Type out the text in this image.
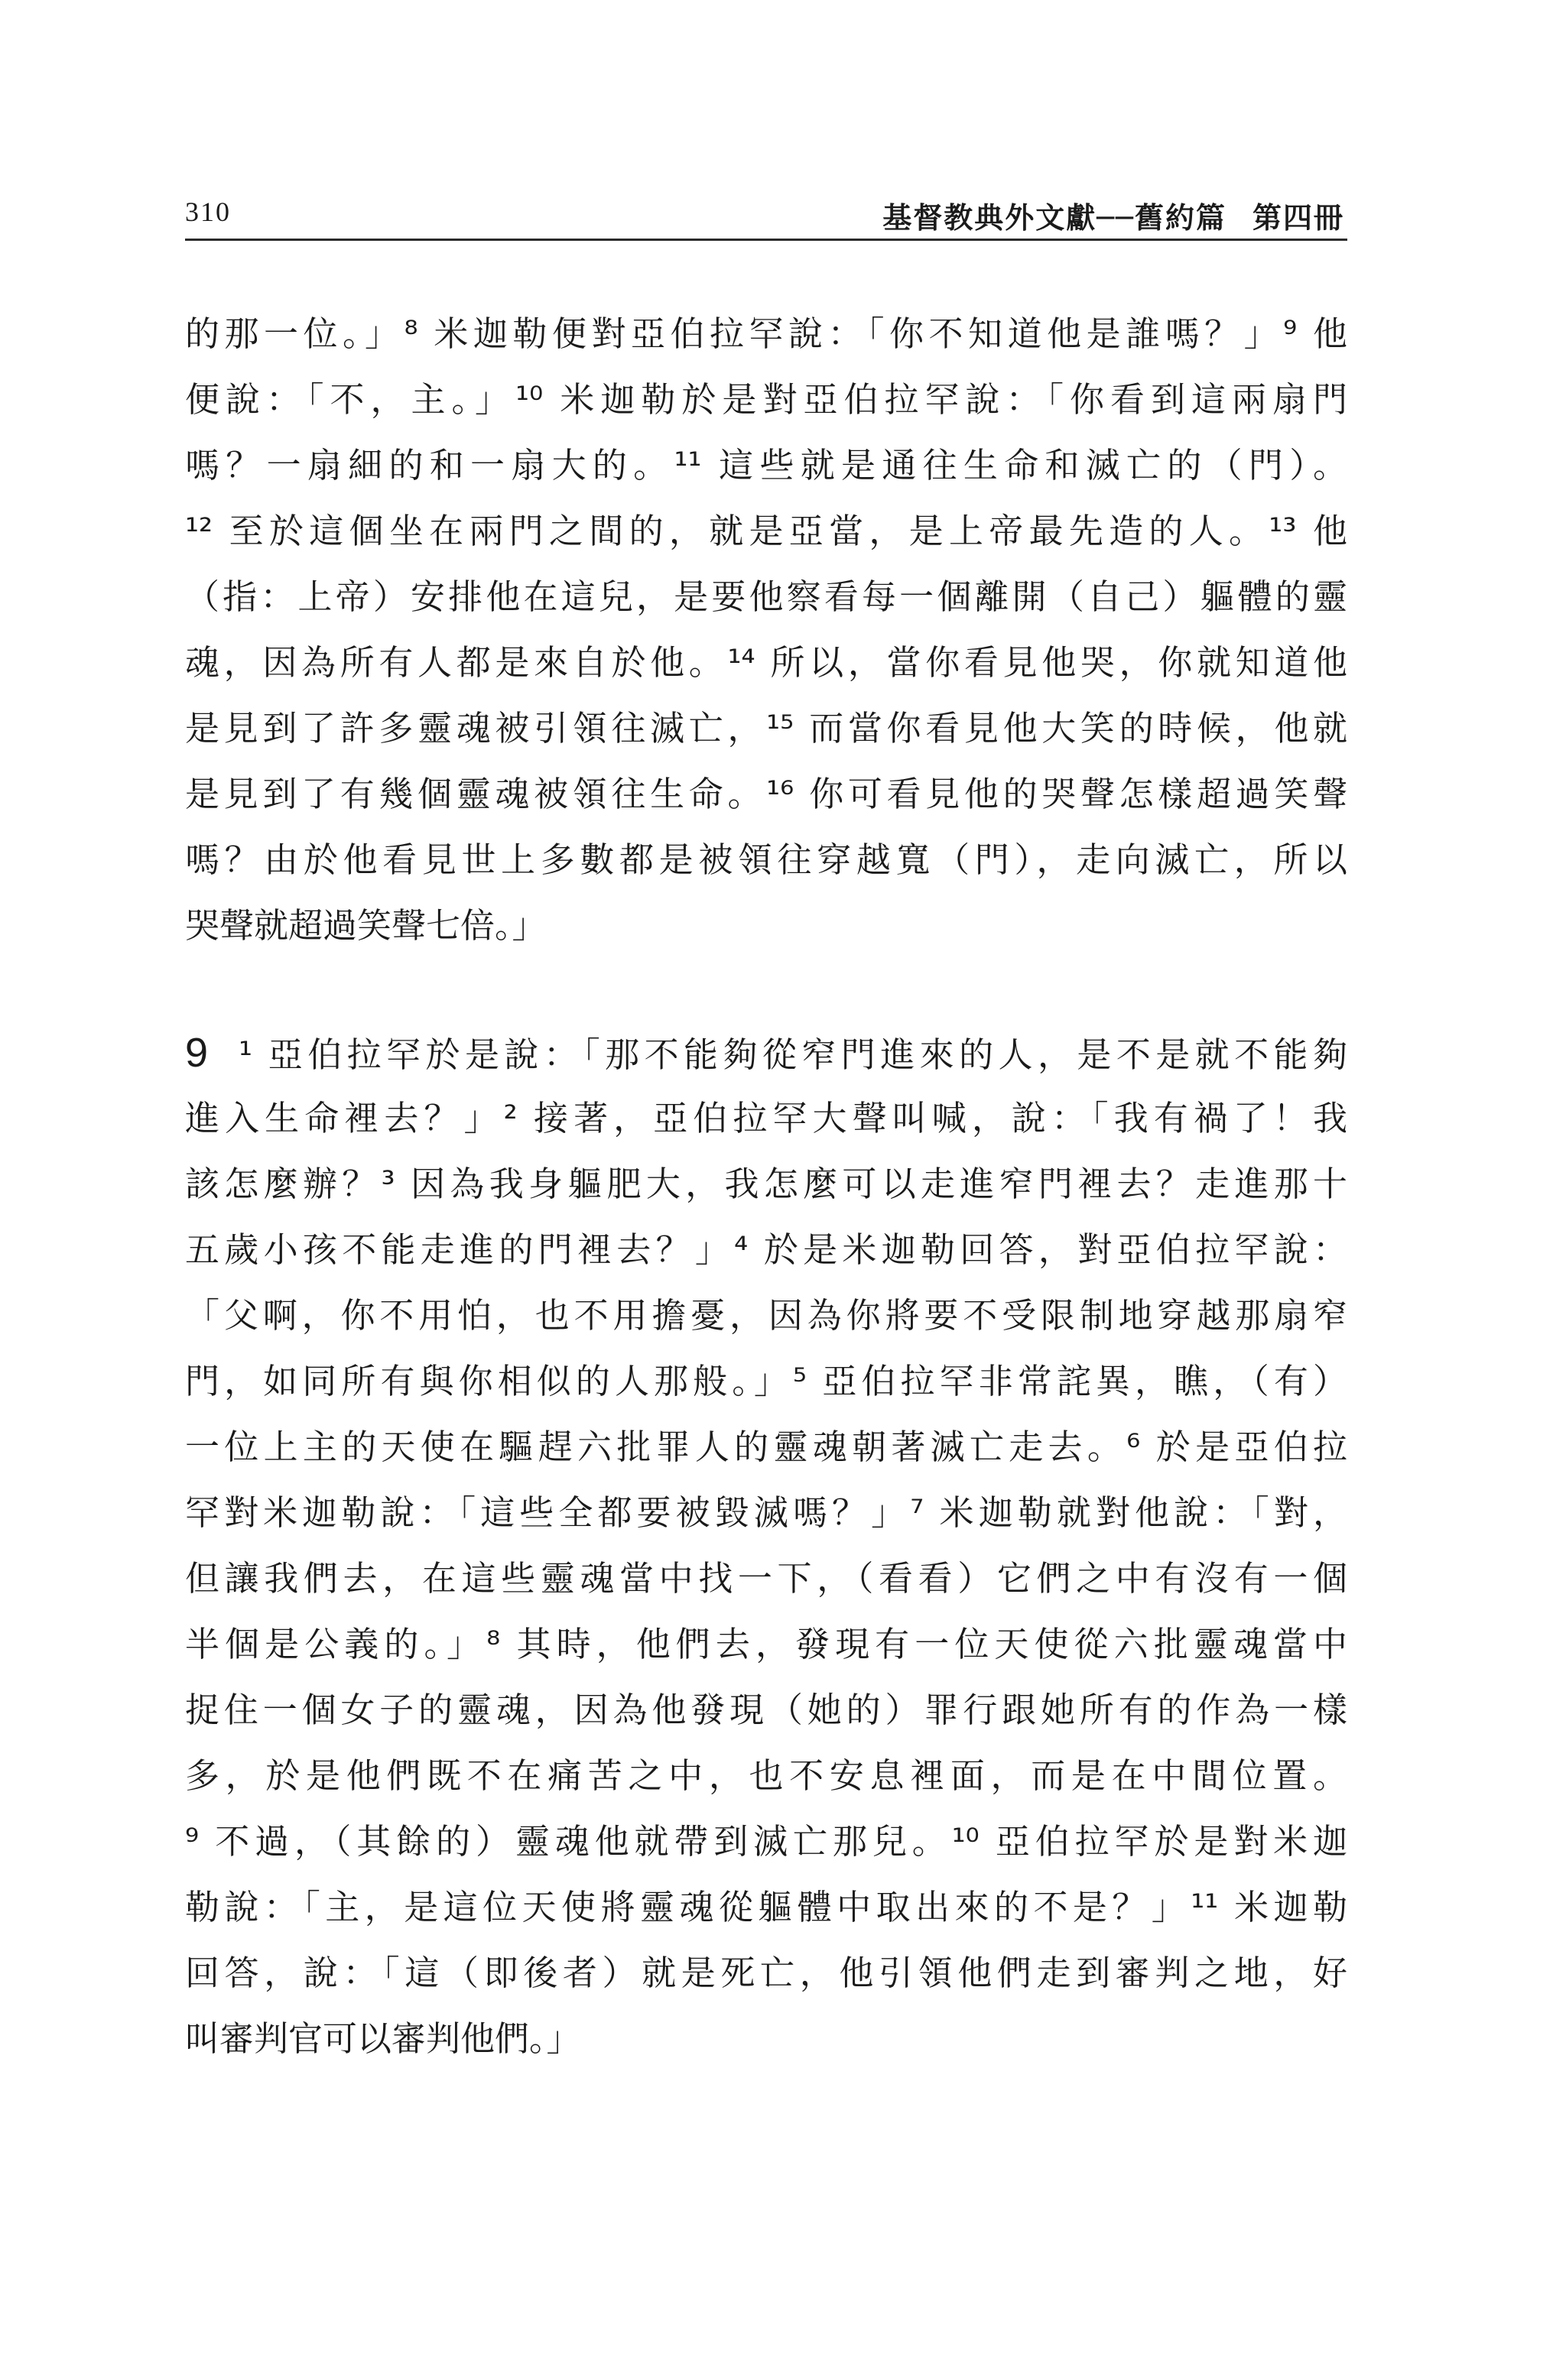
310	基督教典外文獻──舊約篇 第四冊
的那一位。」⁸ 米迦勒便對亞伯拉罕說：「你不知道他是誰嗎？」⁹ 他
便說：「不，主。」¹⁰ 米迦勒於是對亞伯拉罕說：「你看到這兩扇門
嗎？一扇細的和一扇大的。¹¹ 這些就是通往生命和滅亡的（門）。
¹² 至於這個坐在兩門之間的，就是亞當，是上帝最先造的人。¹³ 他
（指：上帝）安排他在這兒，是要他察看每一個離開（自己）軀體的靈
魂，因為所有人都是來自於他。¹⁴ 所以，當你看見他哭，你就知道他
是見到了許多靈魂被引領往滅亡，¹⁵ 而當你看見他大笑的時候，他就
是見到了有幾個靈魂被領往生命。¹⁶ 你可看見他的哭聲怎樣超過笑聲
嗎？由於他看見世上多數都是被領往穿越寬（門），走向滅亡，所以
哭聲就超過笑聲七倍。」
9 ¹ 亞伯拉罕於是說：「那不能夠從窄門進來的人，是不是就不能夠
進入生命裡去？」² 接著，亞伯拉罕大聲叫喊，說：「我有禍了！我
該怎麼辦？³ 因為我身軀肥大，我怎麼可以走進窄門裡去？走進那十
五歲小孩不能走進的門裡去？」⁴ 於是米迦勒回答，對亞伯拉罕說：
「父啊，你不用怕，也不用擔憂，因為你將要不受限制地穿越那扇窄
門，如同所有與你相似的人那般。」⁵ 亞伯拉罕非常詫異，瞧，（有）
一位上主的天使在驅趕六批罪人的靈魂朝著滅亡走去。⁶ 於是亞伯拉
罕對米迦勒說：「這些全都要被毀滅嗎？」⁷ 米迦勒就對他說：「對，
但讓我們去，在這些靈魂當中找一下，（看看）它們之中有沒有一個
半個是公義的。」⁸ 其時，他們去，發現有一位天使從六批靈魂當中
捉住一個女子的靈魂，因為他發現（她的）罪行跟她所有的作為一樣
多，於是他們既不在痛苦之中，也不安息裡面，而是在中間位置。
⁹ 不過，（其餘的）靈魂他就帶到滅亡那兒。¹⁰ 亞伯拉罕於是對米迦
勒說：「主，是這位天使將靈魂從軀體中取出來的不是？」¹¹ 米迦勒
回答，說：「這（即後者）就是死亡，他引領他們走到審判之地，好
叫審判官可以審判他們。」
